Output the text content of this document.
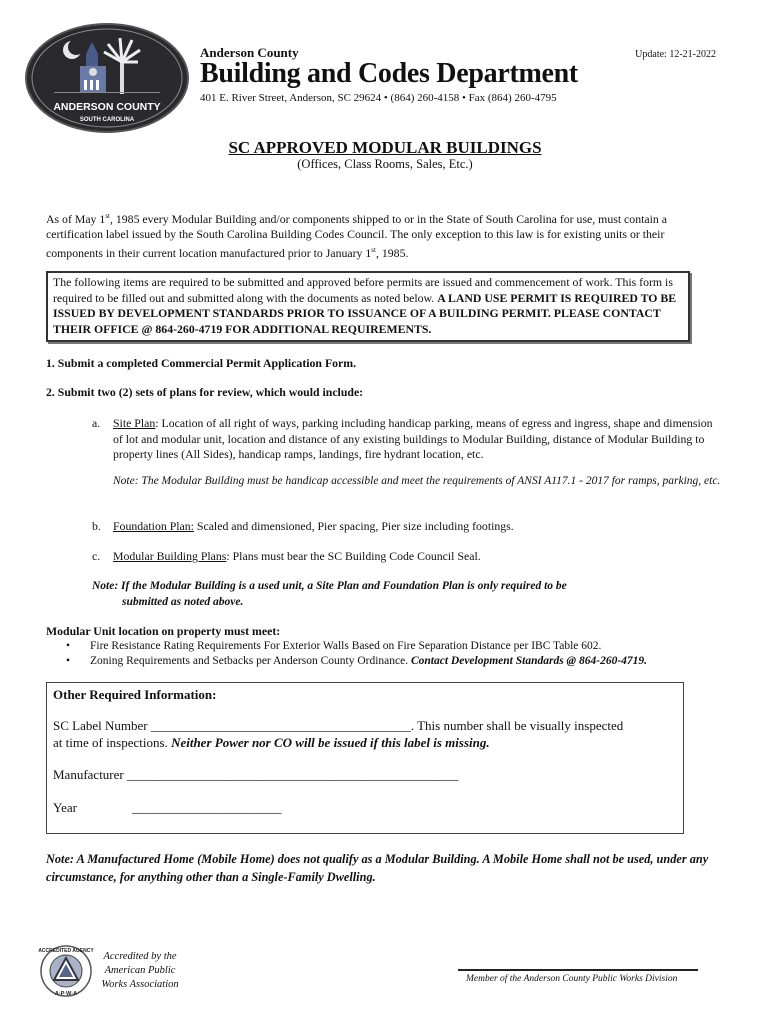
ANDERSON COUNTY
SOUTH CAROLINA
Anderson County	Update: 12-21-2022
Building and Codes Department
401 E. River Street, Anderson, SC 29624 • (864) 260-4158 • Fax (864) 260-4795
SC APPROVED MODULAR BUILDINGS
(Offices, Class Rooms, Sales, Etc.)
As of May 1st, 1985 every Modular Building and/or components shipped to or in the State of South Carolina for use, must contain a certification label issued by the South Carolina Building Codes Council. The only exception to this law is for existing units or their components in their current location manufactured prior to January 1st, 1985.
The following items are required to be submitted and approved before permits are issued and commencement of work. This form is required to be filled out and submitted along with the documents as noted below. A LAND USE PERMIT IS REQUIRED TO BE ISSUED BY DEVELOPMENT STANDARDS PRIOR TO ISSUANCE OF A BUILDING PERMIT. PLEASE CONTACT THEIR OFFICE @ 864-260-4719 FOR ADDITIONAL REQUIREMENTS.
1. Submit a completed Commercial Permit Application Form.
2. Submit two (2) sets of plans for review, which would include:
a. Site Plan: Location of all right of ways, parking including handicap parking, means of egress and ingress, shape and dimension of lot and modular unit, location and distance of any existing buildings to Modular Building, distance of Modular Building to property lines (All Sides), handicap ramps, landings, fire hydrant location, etc.
Note: The Modular Building must be handicap accessible and meet the requirements of ANSI A117.1 - 2017 for ramps, parking, etc.
b. Foundation Plan: Scaled and dimensioned, Pier spacing, Pier size including footings.
c. Modular Building Plans: Plans must bear the SC Building Code Council Seal.
Note: If the Modular Building is a used unit, a Site Plan and Foundation Plan is only required to be
submitted as noted above.
Modular Unit location on property must meet:
• Fire Resistance Rating Requirements For Exterior Walls Based on Fire Separation Distance per IBC Table 602.
• Zoning Requirements and Setbacks per Anderson County Ordinance. Contact Development Standards @ 864-260-4719.
Other Required Information:
SC Label Number ________________________________________. This number shall be visually inspected
at time of inspections. Neither Power nor CO will be issued if this label is missing.
Manufacturer ___________________________________________________
Year	_______________________
Note: A Manufactured Home (Mobile Home) does not qualify as a Modular Building. A Mobile Home shall not be used, under any circumstance, for anything other than a Single-Family Dwelling.
ACCREDITED AGENCY
A·P·W·A
Accredited by the
American Public
Works Association	Member of the Anderson County Public Works Division
